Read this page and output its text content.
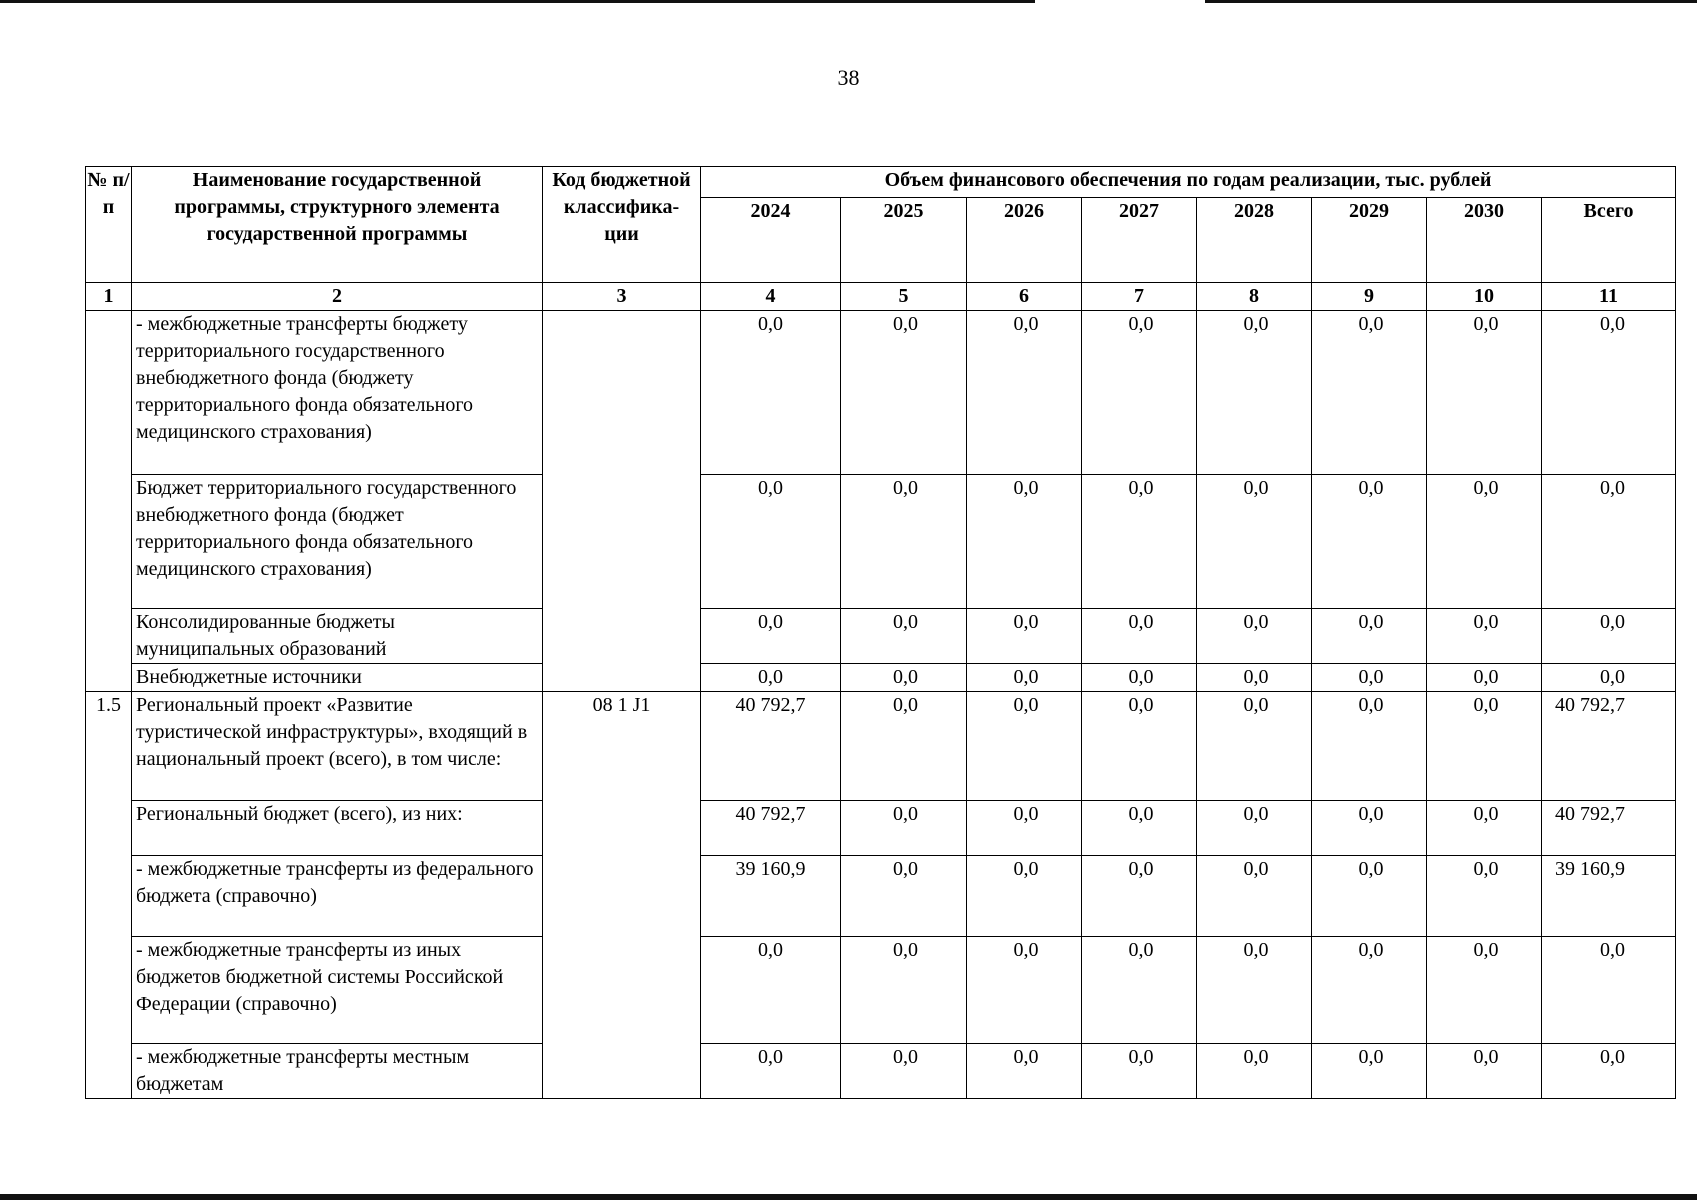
38
№ п/п	Наименование государственной программы, структурного элемента государственной программы	Код бюджетной классифика- ции	Объем финансового обеспечения по годам реализации, тыс. рублей							
			2024	2025	2026	2027	2028	2029	2030	Всего
1	2	3	4	5	6	7	8	9	10	11
	- межбюджетные трансферты бюджету территориального государственного внебюджетного фонда (бюджету территориального фонда обязательного медицинского страхования)		0,0	0,0	0,0	0,0	0,0	0,0	0,0	0,0
	Бюджет территориального государственного внебюджетного фонда (бюджет территориального фонда обязательного медицинского страхования)		0,0	0,0	0,0	0,0	0,0	0,0	0,0	0,0
	Консолидированные бюджеты муниципальных образований		0,0	0,0	0,0	0,0	0,0	0,0	0,0	0,0
	Внебюджетные источники		0,0	0,0	0,0	0,0	0,0	0,0	0,0	0,0
1.5	Региональный проект «Развитие туристической инфраструктуры», входящий в национальный проект (всего), в том числе:	08 1 J1	40 792,7	0,0	0,0	0,0	0,0	0,0	0,0	40 792,7
	Региональный бюджет (всего), из них:		40 792,7	0,0	0,0	0,0	0,0	0,0	0,0	40 792,7
	- межбюджетные трансферты из федерального бюджета (справочно)		39 160,9	0,0	0,0	0,0	0,0	0,0	0,0	39 160,9
	- межбюджетные трансферты из иных бюджетов бюджетной системы Российской Федерации (справочно)		0,0	0,0	0,0	0,0	0,0	0,0	0,0	0,0
	- межбюджетные трансферты местным бюджетам		0,0	0,0	0,0	0,0	0,0	0,0	0,0	0,0
